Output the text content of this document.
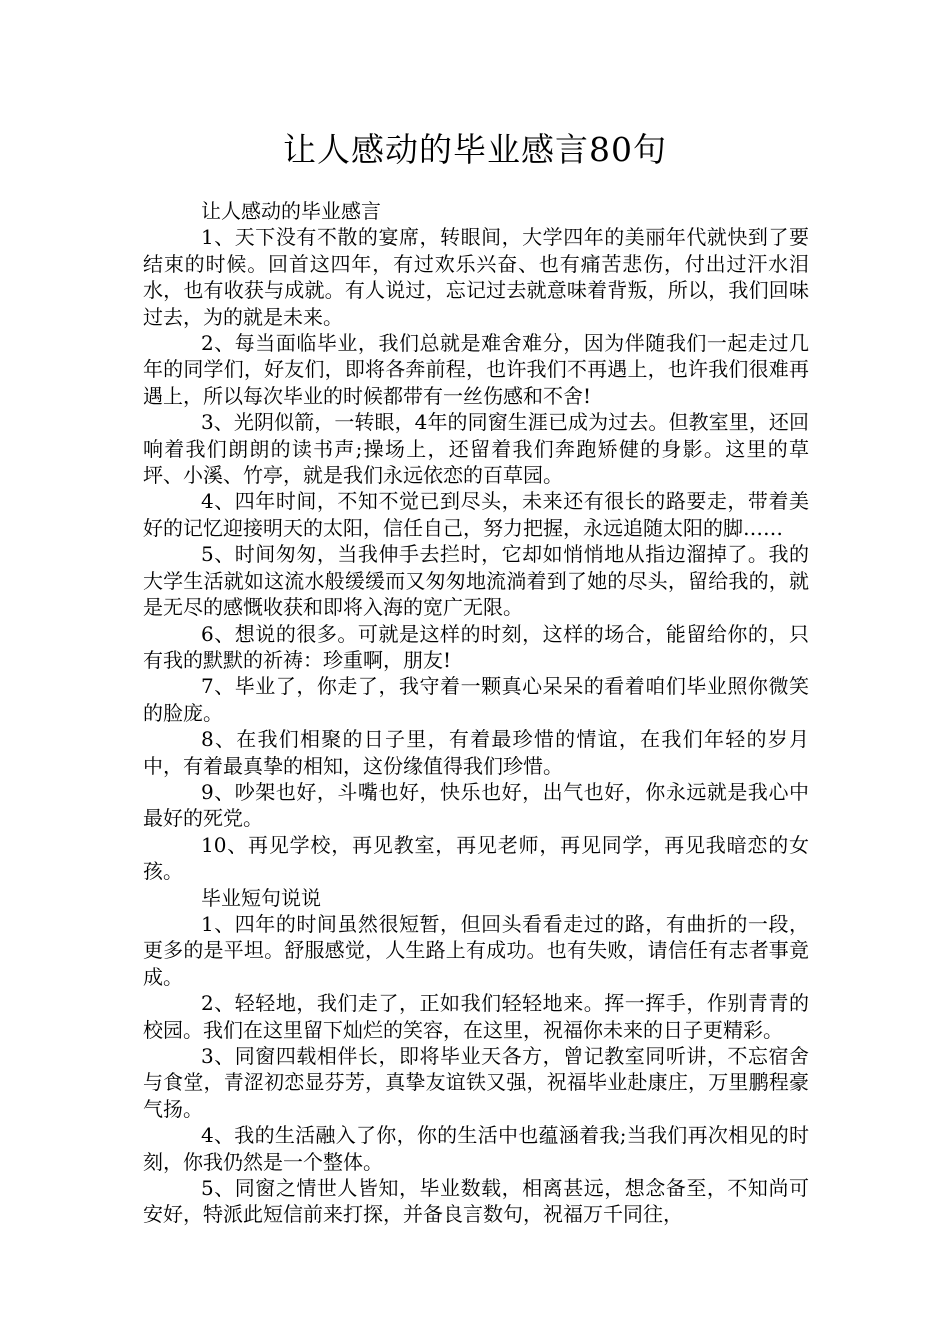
让人感动的毕业感言80句

让人感动的毕业感言

1、天下没有不散的宴席，转眼间，大学四年的美丽年代就快到了要结束的时候。回首这四年，有过欢乐兴奋、也有痛苦悲伤，付出过汗水泪水，也有收获与成就。有人说过，忘记过去就意味着背叛，所以，我们回味过去，为的就是未来。

2、每当面临毕业，我们总就是难舍难分，因为伴随我们一起走过几年的同学们，好友们，即将各奔前程，也许我们不再遇上，也许我们很难再遇上，所以每次毕业的时候都带有一丝伤感和不舍!

3、光阴似箭，一转眼，4年的同窗生涯已成为过去。但教室里，还回响着我们朗朗的读书声;操场上，还留着我们奔跑矫健的身影。这里的草坪、小溪、竹亭，就是我们永远依恋的百草园。

4、四年时间，不知不觉已到尽头，未来还有很长的路要走，带着美好的记忆迎接明天的太阳，信任自己，努力把握，永远追随太阳的脚……

5、时间匆匆，当我伸手去拦时，它却如悄悄地从指边溜掉了。我的大学生活就如这流水般缓缓而又匆匆地流淌着到了她的尽头，留给我的，就是无尽的感慨收获和即将入海的宽广无限。

6、想说的很多。可就是这样的时刻，这样的场合，能留给你的，只有我的默默的祈祷：珍重啊，朋友!

7、毕业了，你走了，我守着一颗真心呆呆的看着咱们毕业照你微笑的脸庞。

8、在我们相聚的日子里，有着最珍惜的情谊，在我们年轻的岁月中，有着最真挚的相知，这份缘值得我们珍惜。

9、吵架也好，斗嘴也好，快乐也好，出气也好，你永远就是我心中最好的死党。

10、再见学校，再见教室，再见老师，再见同学，再见我暗恋的女孩。

毕业短句说说

1、四年的时间虽然很短暂，但回头看看走过的路，有曲折的一段，更多的是平坦。舒服感觉，人生路上有成功。也有失败，请信任有志者事竟成。

2、轻轻地，我们走了，正如我们轻轻地来。挥一挥手，作别青青的校园。我们在这里留下灿烂的笑容，在这里，祝福你未来的日子更精彩。

3、同窗四载相伴长，即将毕业天各方，曾记教室同听讲，不忘宿舍与食堂，青涩初恋显芬芳，真挚友谊铁又强，祝福毕业赴康庄，万里鹏程豪气扬。

4、我的生活融入了你，你的生活中也蕴涵着我;当我们再次相见的时刻，你我仍然是一个整体。

5、同窗之情世人皆知，毕业数载，相离甚远，想念备至，不知尚可安好，特派此短信前来打探，并备良言数句，祝福万千同往，
